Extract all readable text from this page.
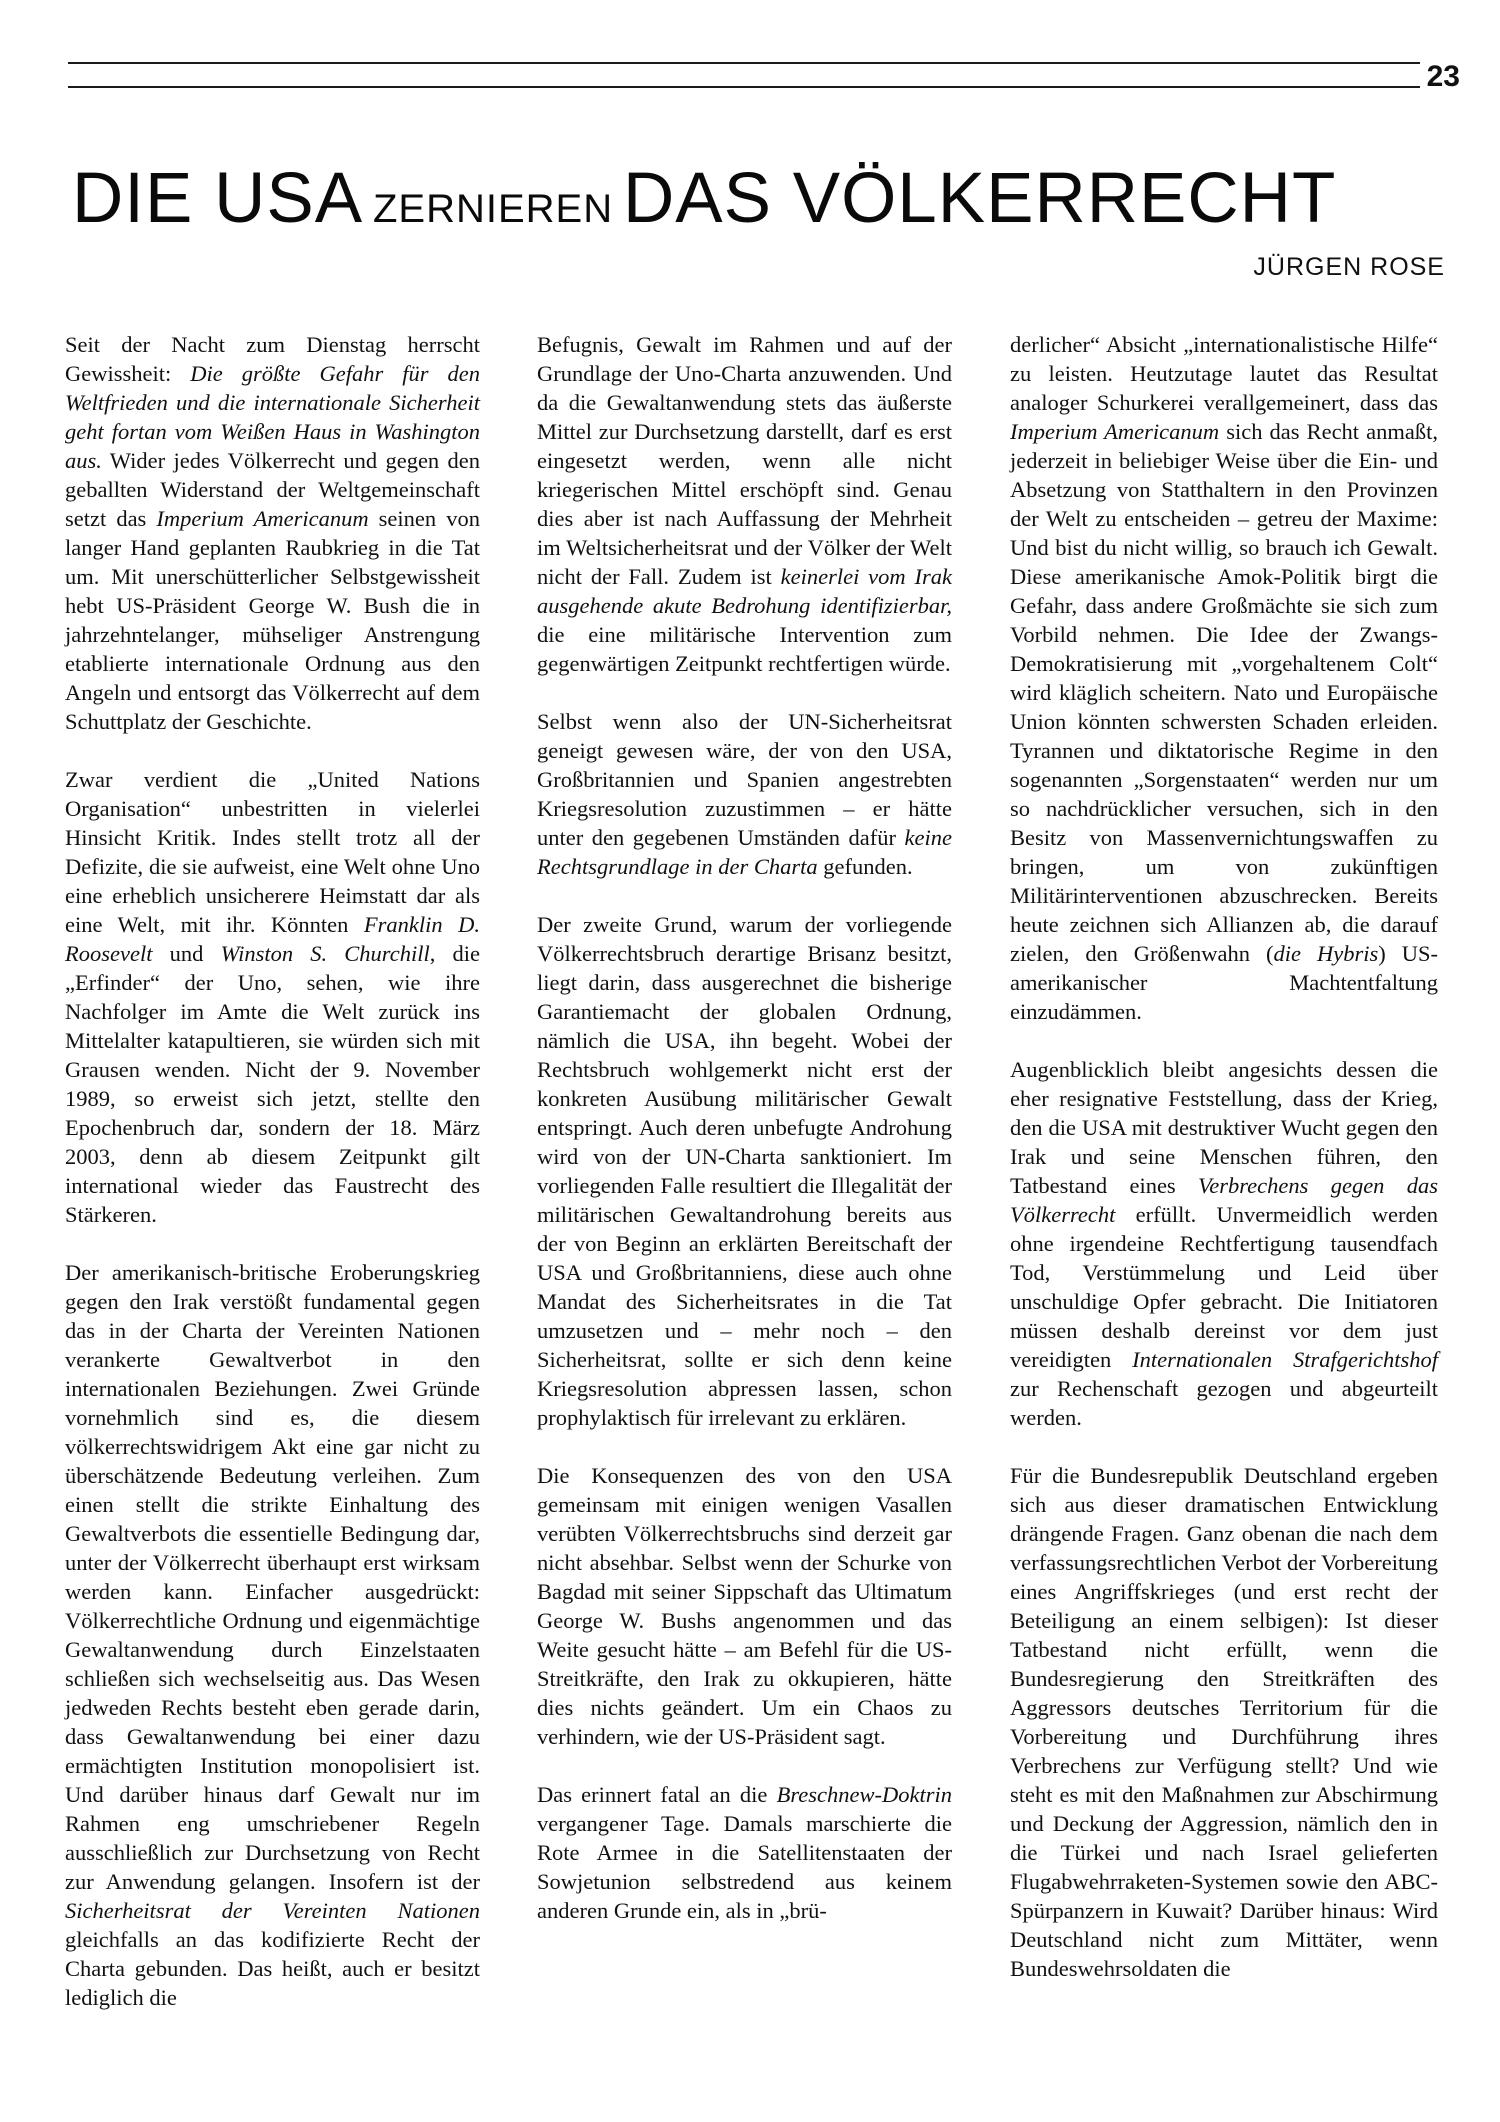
23
DIE USA ZERNIEREN DAS VÖLKERRECHT
JÜRGEN ROSE

Seit der Nacht zum Dienstag herrscht Gewissheit: Die größte Gefahr für den Weltfrieden und die internationale Sicherheit geht fortan vom Weißen Haus in Washington aus. Wider jedes Völkerrecht und gegen den geballten Widerstand der Weltgemeinschaft setzt das Imperium Americanum seinen von langer Hand geplanten Raubkrieg in die Tat um. Mit unerschütterlicher Selbstgewissheit hebt US-Präsident George W. Bush die in jahrzehntelanger, mühseliger Anstrengung etablierte internationale Ordnung aus den Angeln und entsorgt das Völkerrecht auf dem Schuttplatz der Geschichte.

Zwar verdient die „United Nations Organisation“ unbestritten in vielerlei Hinsicht Kritik. Indes stellt trotz all der Defizite, die sie aufweist, eine Welt ohne Uno eine erheblich unsicherere Heimstatt dar als eine Welt, mit ihr. Könnten Franklin D. Roosevelt und Winston S. Churchill, die „Erfinder“ der Uno, sehen, wie ihre Nachfolger im Amte die Welt zurück ins Mittelalter katapultieren, sie würden sich mit Grausen wenden. Nicht der 9. November 1989, so erweist sich jetzt, stellte den Epochenbruch dar, sondern der 18. März 2003, denn ab diesem Zeitpunkt gilt international wieder das Faustrecht des Stärkeren.

Der amerikanisch-britische Eroberungskrieg gegen den Irak verstößt fundamental gegen das in der Charta der Vereinten Nationen verankerte Gewaltverbot in den internationalen Beziehungen. Zwei Gründe vornehmlich sind es, die diesem völkerrechtswidrigem Akt eine gar nicht zu überschätzende Bedeutung verleihen. Zum einen stellt die strikte Einhaltung des Gewaltverbots die essentielle Bedingung dar, unter der Völkerrecht überhaupt erst wirksam werden kann. Einfacher ausgedrückt: Völkerrechtliche Ordnung und eigenmächtige Gewaltanwendung durch Einzelstaaten schließen sich wechselseitig aus. Das Wesen jedweden Rechts besteht eben gerade darin, dass Gewaltanwendung bei einer dazu ermächtigten Institution monopolisiert ist. Und darüber hinaus darf Gewalt nur im Rahmen eng umschriebener Regeln ausschließlich zur Durchsetzung von Recht zur Anwendung gelangen. Insofern ist der Sicherheitsrat der Vereinten Nationen gleichfalls an das kodifizierte Recht der Charta gebunden. Das heißt, auch er besitzt lediglich die

Befugnis, Gewalt im Rahmen und auf der Grundlage der Uno-Charta anzuwenden. Und da die Gewaltanwendung stets das äußerste Mittel zur Durchsetzung darstellt, darf es erst eingesetzt werden, wenn alle nicht kriegerischen Mittel erschöpft sind. Genau dies aber ist nach Auffassung der Mehrheit im Weltsicherheitsrat und der Völker der Welt nicht der Fall. Zudem ist keinerlei vom Irak ausgehende akute Bedrohung identifizierbar, die eine militärische Intervention zum gegenwärtigen Zeitpunkt rechtfertigen würde.

Selbst wenn also der UN-Sicherheitsrat geneigt gewesen wäre, der von den USA, Großbritannien und Spanien angestrebten Kriegsresolution zuzustimmen – er hätte unter den gegebenen Umständen dafür keine Rechtsgrundlage in der Charta gefunden.

Der zweite Grund, warum der vorliegende Völkerrechtsbruch derartige Brisanz besitzt, liegt darin, dass ausgerechnet die bisherige Garantiemacht der globalen Ordnung, nämlich die USA, ihn begeht. Wobei der Rechtsbruch wohlgemerkt nicht erst der konkreten Ausübung militärischer Gewalt entspringt. Auch deren unbefugte Androhung wird von der UN-Charta sanktioniert. Im vorliegenden Falle resultiert die Illegalität der militärischen Gewaltandrohung bereits aus der von Beginn an erklärten Bereitschaft der USA und Großbritanniens, diese auch ohne Mandat des Sicherheitsrates in die Tat umzusetzen und – mehr noch – den Sicherheitsrat, sollte er sich denn keine Kriegsresolution abpressen lassen, schon prophylaktisch für irrelevant zu erklären.

Die Konsequenzen des von den USA gemeinsam mit einigen wenigen Vasallen verübten Völkerrechtsbruchs sind derzeit gar nicht absehbar. Selbst wenn der Schurke von Bagdad mit seiner Sippschaft das Ultimatum George W. Bushs angenommen und das Weite gesucht hätte – am Befehl für die US-Streitkräfte, den Irak zu okkupieren, hätte dies nichts geändert. Um ein Chaos zu verhindern, wie der US-Präsident sagt.

Das erinnert fatal an die Breschnew-Doktrin vergangener Tage. Damals marschierte die Rote Armee in die Satellitenstaaten der Sowjetunion selbstredend aus keinem anderen Grunde ein, als in „brü-

derlicher“ Absicht „internationalistische Hilfe“ zu leisten. Heutzutage lautet das Resultat analoger Schurkerei verallgemeinert, dass das Imperium Americanum sich das Recht anmaßt, jederzeit in beliebiger Weise über die Ein- und Absetzung von Statthaltern in den Provinzen der Welt zu entscheiden – getreu der Maxime: Und bist du nicht willig, so brauch ich Gewalt. Diese amerikanische Amok-Politik birgt die Gefahr, dass andere Großmächte sie sich zum Vorbild nehmen. Die Idee der Zwangs-Demokratisierung mit „vorgehaltenem Colt“ wird kläglich scheitern. Nato und Europäische Union könnten schwersten Schaden erleiden. Tyrannen und diktatorische Regime in den sogenannten „Sorgenstaaten“ werden nur um so nachdrücklicher versuchen, sich in den Besitz von Massenvernichtungswaffen zu bringen, um von zukünftigen Militärinterventionen abzuschrecken. Bereits heute zeichnen sich Allianzen ab, die darauf zielen, den Größenwahn (die Hybris) US-amerikanischer Machtentfaltung einzudämmen.

Augenblicklich bleibt angesichts dessen die eher resignative Feststellung, dass der Krieg, den die USA mit destruktiver Wucht gegen den Irak und seine Menschen führen, den Tatbestand eines Verbrechens gegen das Völkerrecht erfüllt. Unvermeidlich werden ohne irgendeine Rechtfertigung tausendfach Tod, Verstümmelung und Leid über unschuldige Opfer gebracht. Die Initiatoren müssen deshalb dereinst vor dem just vereidigten Internationalen Strafgerichtshof zur Rechenschaft gezogen und abgeurteilt werden.

Für die Bundesrepublik Deutschland ergeben sich aus dieser dramatischen Entwicklung drängende Fragen. Ganz obenan die nach dem verfassungsrechtlichen Verbot der Vorbereitung eines Angriffskrieges (und erst recht der Beteiligung an einem selbigen): Ist dieser Tatbestand nicht erfüllt, wenn die Bundesregierung den Streitkräften des Aggressors deutsches Territorium für die Vorbereitung und Durchführung ihres Verbrechens zur Verfügung stellt? Und wie steht es mit den Maßnahmen zur Abschirmung und Deckung der Aggression, nämlich den in die Türkei und nach Israel gelieferten Flugabwehrraketen-Systemen sowie den ABC-Spürpanzern in Kuwait? Darüber hinaus: Wird Deutschland nicht zum Mittäter, wenn Bundeswehrsoldaten die
